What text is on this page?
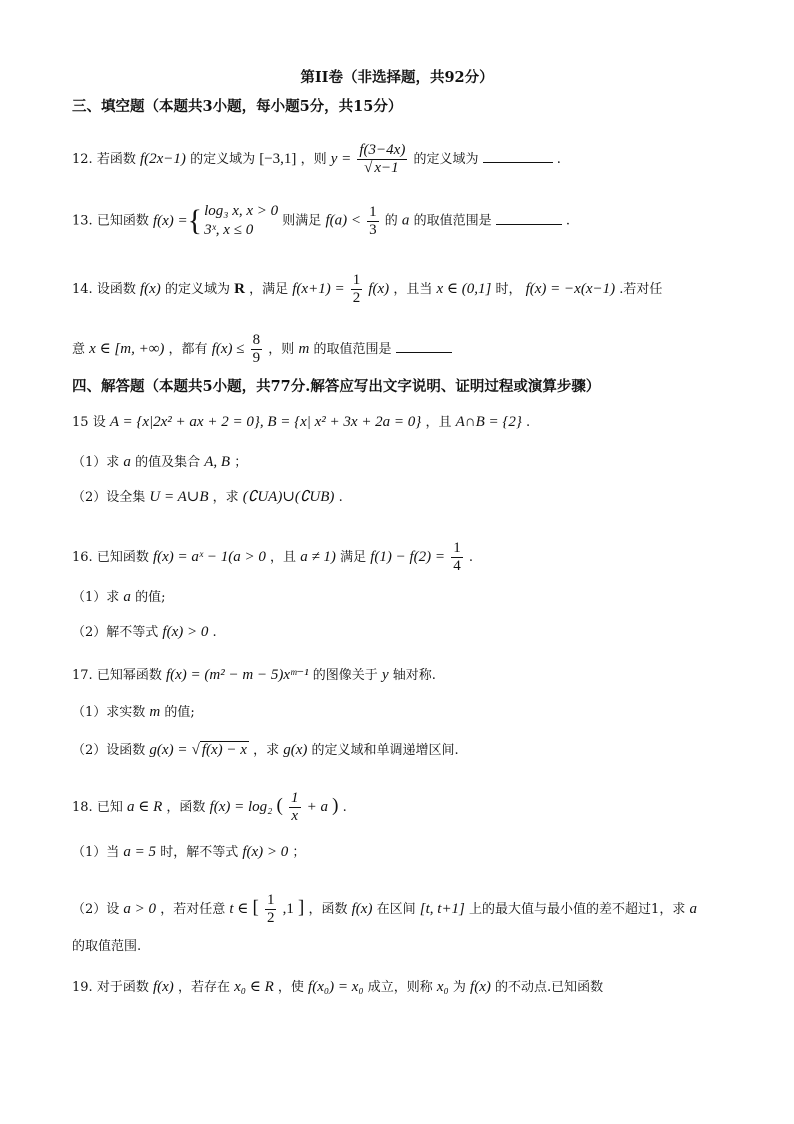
第II卷（非选择题，共92分）
三、填空题（本题共3小题，每小题5分，共15分）
12. 若函数 f(2x−1) 的定义域为 [−3,1] ，则 $y = \frac{f(3-4x)}{√ x-1}$ 的定义域为	.
13. 已知函数 f(x) = { log₃ x, x > 0
3ˣ, x ≤ 0
则满足 $f(a) < \frac{1}{3}$ 的 a 的取值范围是	.
14. 设函数 f(x) 的定义域为 R ，满足 $f(x+1) = \frac{1}{2} f(x)$ ，且当 x ∈ (0,1] 时， f(x) = −x(x−1) .若对任
意 x ∈ [m, +∞) ，都有 $f(x) \le \frac{8}{9}$ ，则 m 的取值范围是
四、解答题（本题共5小题，共77分.解答应写出文字说明、证明过程或演算步骤）
15 设 A = {x|2x² + ax + 2 = 0}, B = {x| x² + 3x + 2a = 0} ，且 A∩B = {2} .
（1）求 a 的值及集合 A, B ；
（2）设全集 U = A∪B ，求 (∁UA)∪(∁UB) .
16. 已知函数 f(x) = aˣ − 1(a > 0 ，且 a ≠ 1) 满足 $f(1) - f(2) = \frac{1}{4}$ .
（1）求 a 的值;
（2）解不等式 f(x) > 0 .
17. 已知幂函数 f(x) = (m² − m − 5)xᵐ⁻¹ 的图像关于 y 轴对称.
（1）求实数 m 的值;
（2）设函数 g(x) = √ f(x) − x ，求 g(x) 的定义域和单调递增区间.
18. 已知 a ∈ R ，函数 f(x) = log₂ ( $\frac{1}{x} + a$ ) .
（1）当 a = 5 时，解不等式 f(x) > 0 ；
（2）设 a > 0 ，若对任意 t ∈ [ $\frac{1}{2} ,1$ ] ，函数 f(x) 在区间 [t, t+1] 上的最大值与最小值的差不超过1，求 a
的取值范围.
19. 对于函数 f(x) ，若存在 x₀ ∈ R ，使 f(x₀) = x₀ 成立，则称 x₀ 为 f(x) 的不动点.已知函数
